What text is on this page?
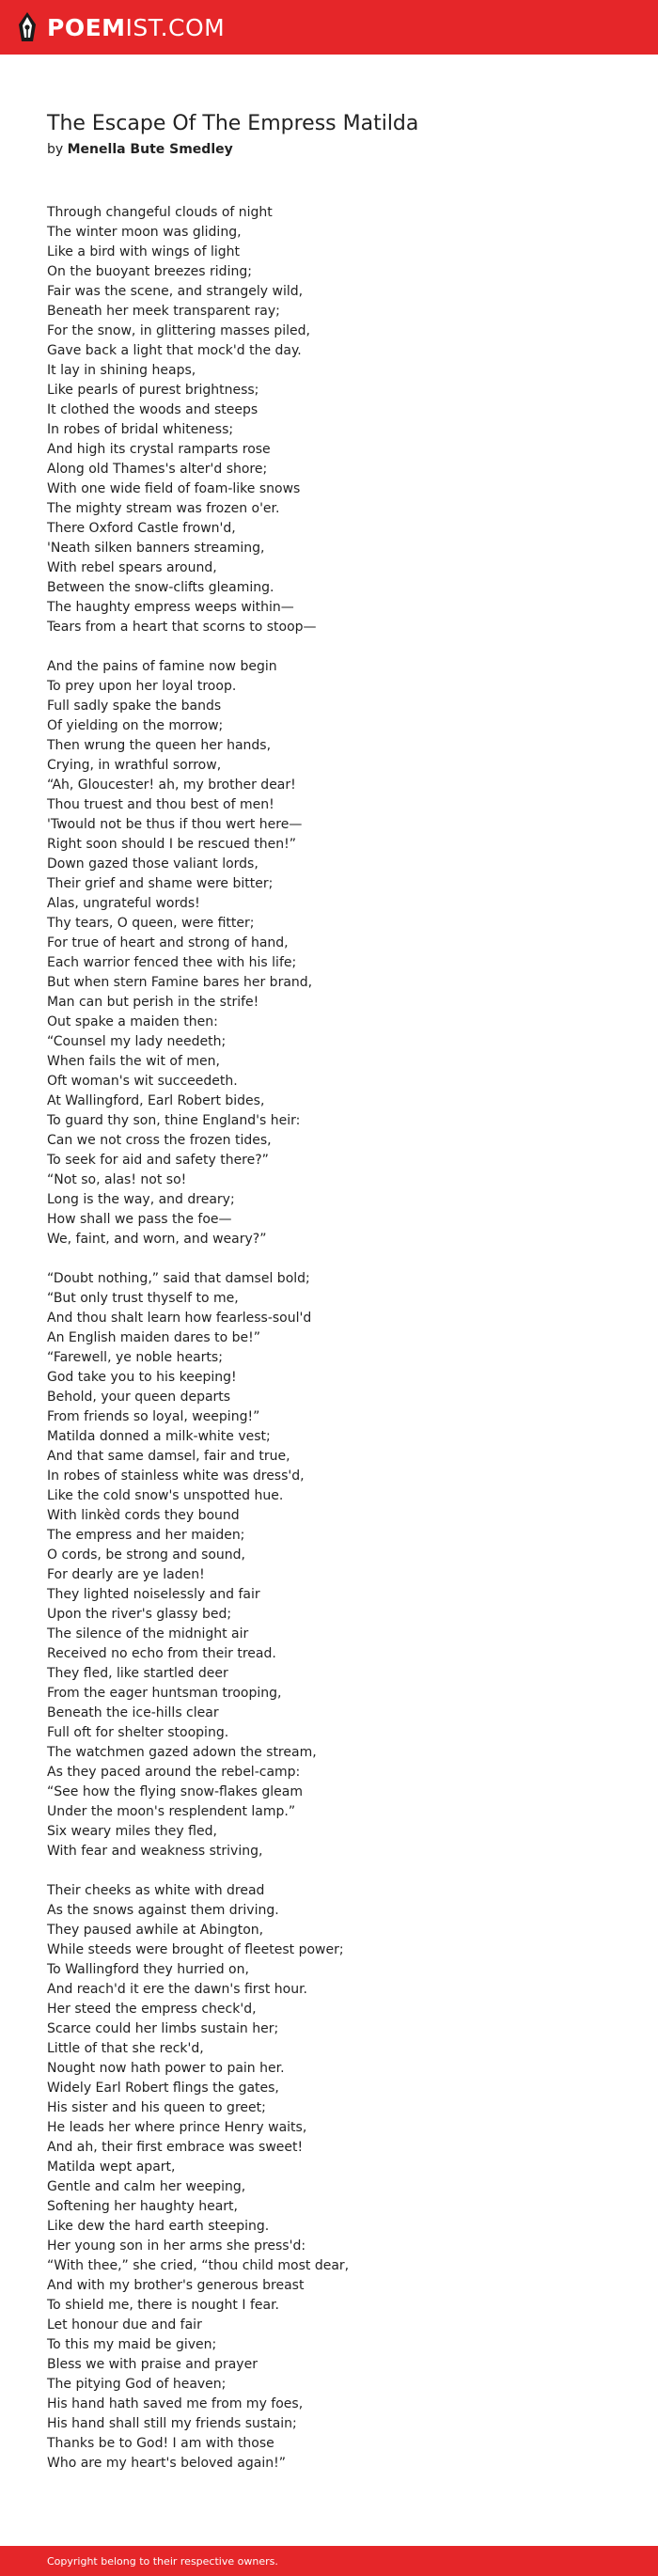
POEMIST.COM
The Escape Of The Empress Matilda
by Menella Bute Smedley
Through changeful clouds of night
The winter moon was gliding,
Like a bird with wings of light
On the buoyant breezes riding;
Fair was the scene, and strangely wild,
Beneath her meek transparent ray;
For the snow, in glittering masses piled,
Gave back a light that mock'd the day.
It lay in shining heaps,
Like pearls of purest brightness;
It clothed the woods and steeps
In robes of bridal whiteness;
And high its crystal ramparts rose
Along old Thames's alter'd shore;
With one wide field of foam-like snows
The mighty stream was frozen o'er.
There Oxford Castle frown'd,
'Neath silken banners streaming,
With rebel spears around,
Between the snow-clifts gleaming.
The haughty empress weeps within—
Tears from a heart that scorns to stoop—
And the pains of famine now begin
To prey upon her loyal troop.
Full sadly spake the bands
Of yielding on the morrow;
Then wrung the queen her hands,
Crying, in wrathful sorrow,
“Ah, Gloucester! ah, my brother dear!
Thou truest and thou best of men!
'Twould not be thus if thou wert here—
Right soon should I be rescued then!”
Down gazed those valiant lords,
Their grief and shame were bitter;
Alas, ungrateful words!
Thy tears, O queen, were fitter;
For true of heart and strong of hand,
Each warrior fenced thee with his life;
But when stern Famine bares her brand,
Man can but perish in the strife!
Out spake a maiden then:
“Counsel my lady needeth;
When fails the wit of men,
Oft woman's wit succeedeth.
At Wallingford, Earl Robert bides,
To guard thy son, thine England's heir:
Can we not cross the frozen tides,
To seek for aid and safety there?”
“Not so, alas! not so!
Long is the way, and dreary;
How shall we pass the foe—
We, faint, and worn, and weary?”
“Doubt nothing,” said that damsel bold;
“But only trust thyself to me,
And thou shalt learn how fearless-soul'd
An English maiden dares to be!”
“Farewell, ye noble hearts;
God take you to his keeping!
Behold, your queen departs
From friends so loyal, weeping!”
Matilda donned a milk-white vest;
And that same damsel, fair and true,
In robes of stainless white was dress'd,
Like the cold snow's unspotted hue.
With linkèd cords they bound
The empress and her maiden;
O cords, be strong and sound,
For dearly are ye laden!
They lighted noiselessly and fair
Upon the river's glassy bed;
The silence of the midnight air
Received no echo from their tread.
They fled, like startled deer
From the eager huntsman trooping,
Beneath the ice-hills clear
Full oft for shelter stooping.
The watchmen gazed adown the stream,
As they paced around the rebel-camp:
“See how the flying snow-flakes gleam
Under the moon's resplendent lamp.”
Six weary miles they fled,
With fear and weakness striving,
Their cheeks as white with dread
As the snows against them driving.
They paused awhile at Abington,
While steeds were brought of fleetest power;
To Wallingford they hurried on,
And reach'd it ere the dawn's first hour.
Her steed the empress check'd,
Scarce could her limbs sustain her;
Little of that she reck'd,
Nought now hath power to pain her.
Widely Earl Robert flings the gates,
His sister and his queen to greet;
He leads her where prince Henry waits,
And ah, their first embrace was sweet!
Matilda wept apart,
Gentle and calm her weeping,
Softening her haughty heart,
Like dew the hard earth steeping.
Her young son in her arms she press'd:
“With thee,” she cried, “thou child most dear,
And with my brother's generous breast
To shield me, there is nought I fear.
Let honour due and fair
To this my maid be given;
Bless we with praise and prayer
The pitying God of heaven;
His hand hath saved me from my foes,
His hand shall still my friends sustain;
Thanks be to God! I am with those
Who are my heart's beloved again!”
Copyright belong to their respective owners.
